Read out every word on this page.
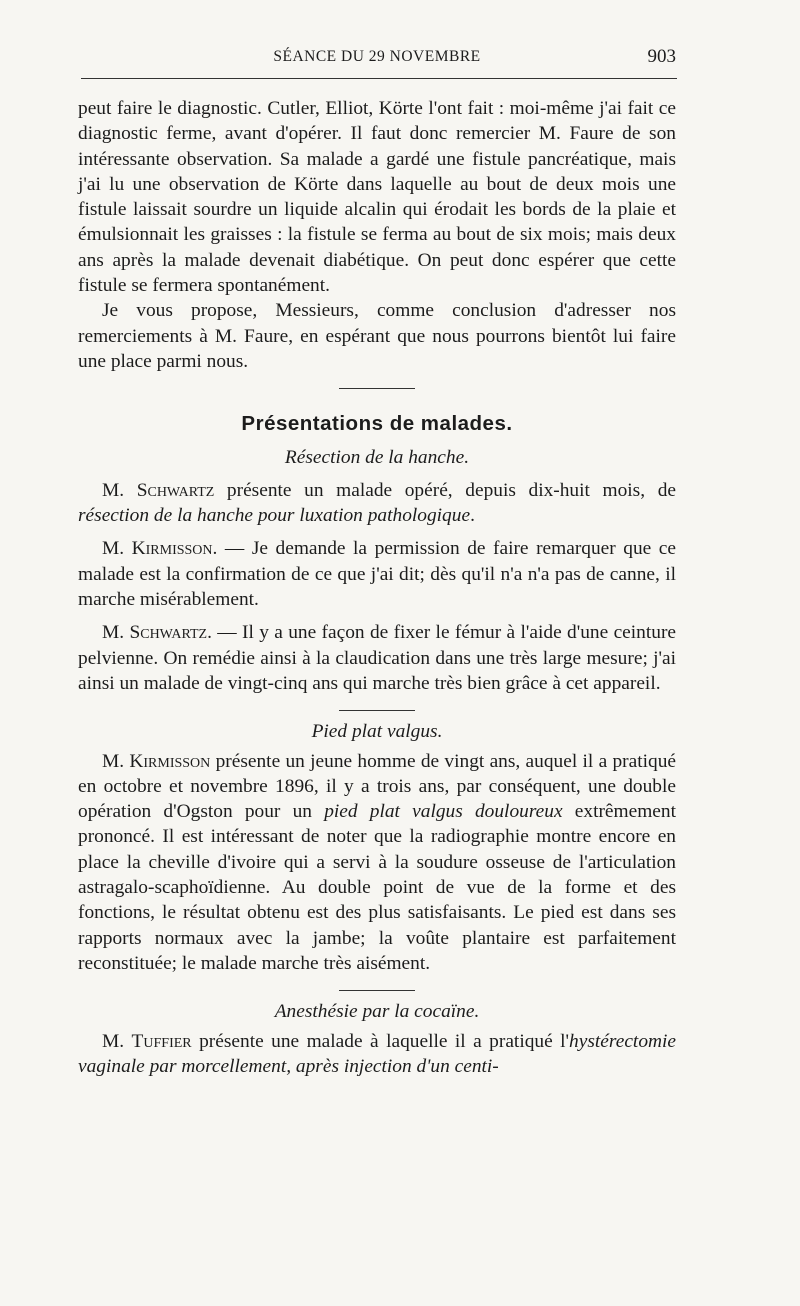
SÉANCE DU 29 NOVEMBRE	903

peut faire le diagnostic. Cutler, Elliot, Körte l'ont fait : moi-même j'ai fait ce diagnostic ferme, avant d'opérer. Il faut donc remercier M. Faure de son intéressante observation. Sa malade a gardé une fistule pancréatique, mais j'ai lu une observation de Körte dans laquelle au bout de deux mois une fistule laissait sourdre un liquide alcalin qui érodait les bords de la plaie et émulsionnait les graisses : la fistule se ferma au bout de six mois; mais deux ans après la malade devenait diabétique. On peut donc espérer que cette fistule se fermera spontanément.

Je vous propose, Messieurs, comme conclusion d'adresser nos remerciements à M. Faure, en espérant que nous pourrons bientôt lui faire une place parmi nous.

Présentations de malades.

Résection de la hanche.

M. Schwartz présente un malade opéré, depuis dix-huit mois, de résection de la hanche pour luxation pathologique.

M. Kirmisson. — Je demande la permission de faire remarquer que ce malade est la confirmation de ce que j'ai dit; dès qu'il n'a n'a pas de canne, il marche misérablement.

M. Schwartz. — Il y a une façon de fixer le fémur à l'aide d'une ceinture pelvienne. On remédie ainsi à la claudication dans une très large mesure; j'ai ainsi un malade de vingt-cinq ans qui marche très bien grâce à cet appareil.

Pied plat valgus.

M. Kirmisson présente un jeune homme de vingt ans, auquel il a pratiqué en octobre et novembre 1896, il y a trois ans, par conséquent, une double opération d'Ogston pour un pied plat valgus douloureux extrêmement prononcé. Il est intéressant de noter que la radiographie montre encore en place la cheville d'ivoire qui a servi à la soudure osseuse de l'articulation astragalo-scaphoïdienne. Au double point de vue de la forme et des fonctions, le résultat obtenu est des plus satisfaisants. Le pied est dans ses rapports normaux avec la jambe; la voûte plantaire est parfaitement reconstituée; le malade marche très aisément.

Anesthésie par la cocaïne.

M. Tuffier présente une malade à laquelle il a pratiqué l'hystérectomie vaginale par morcellement, après injection d'un centi-
